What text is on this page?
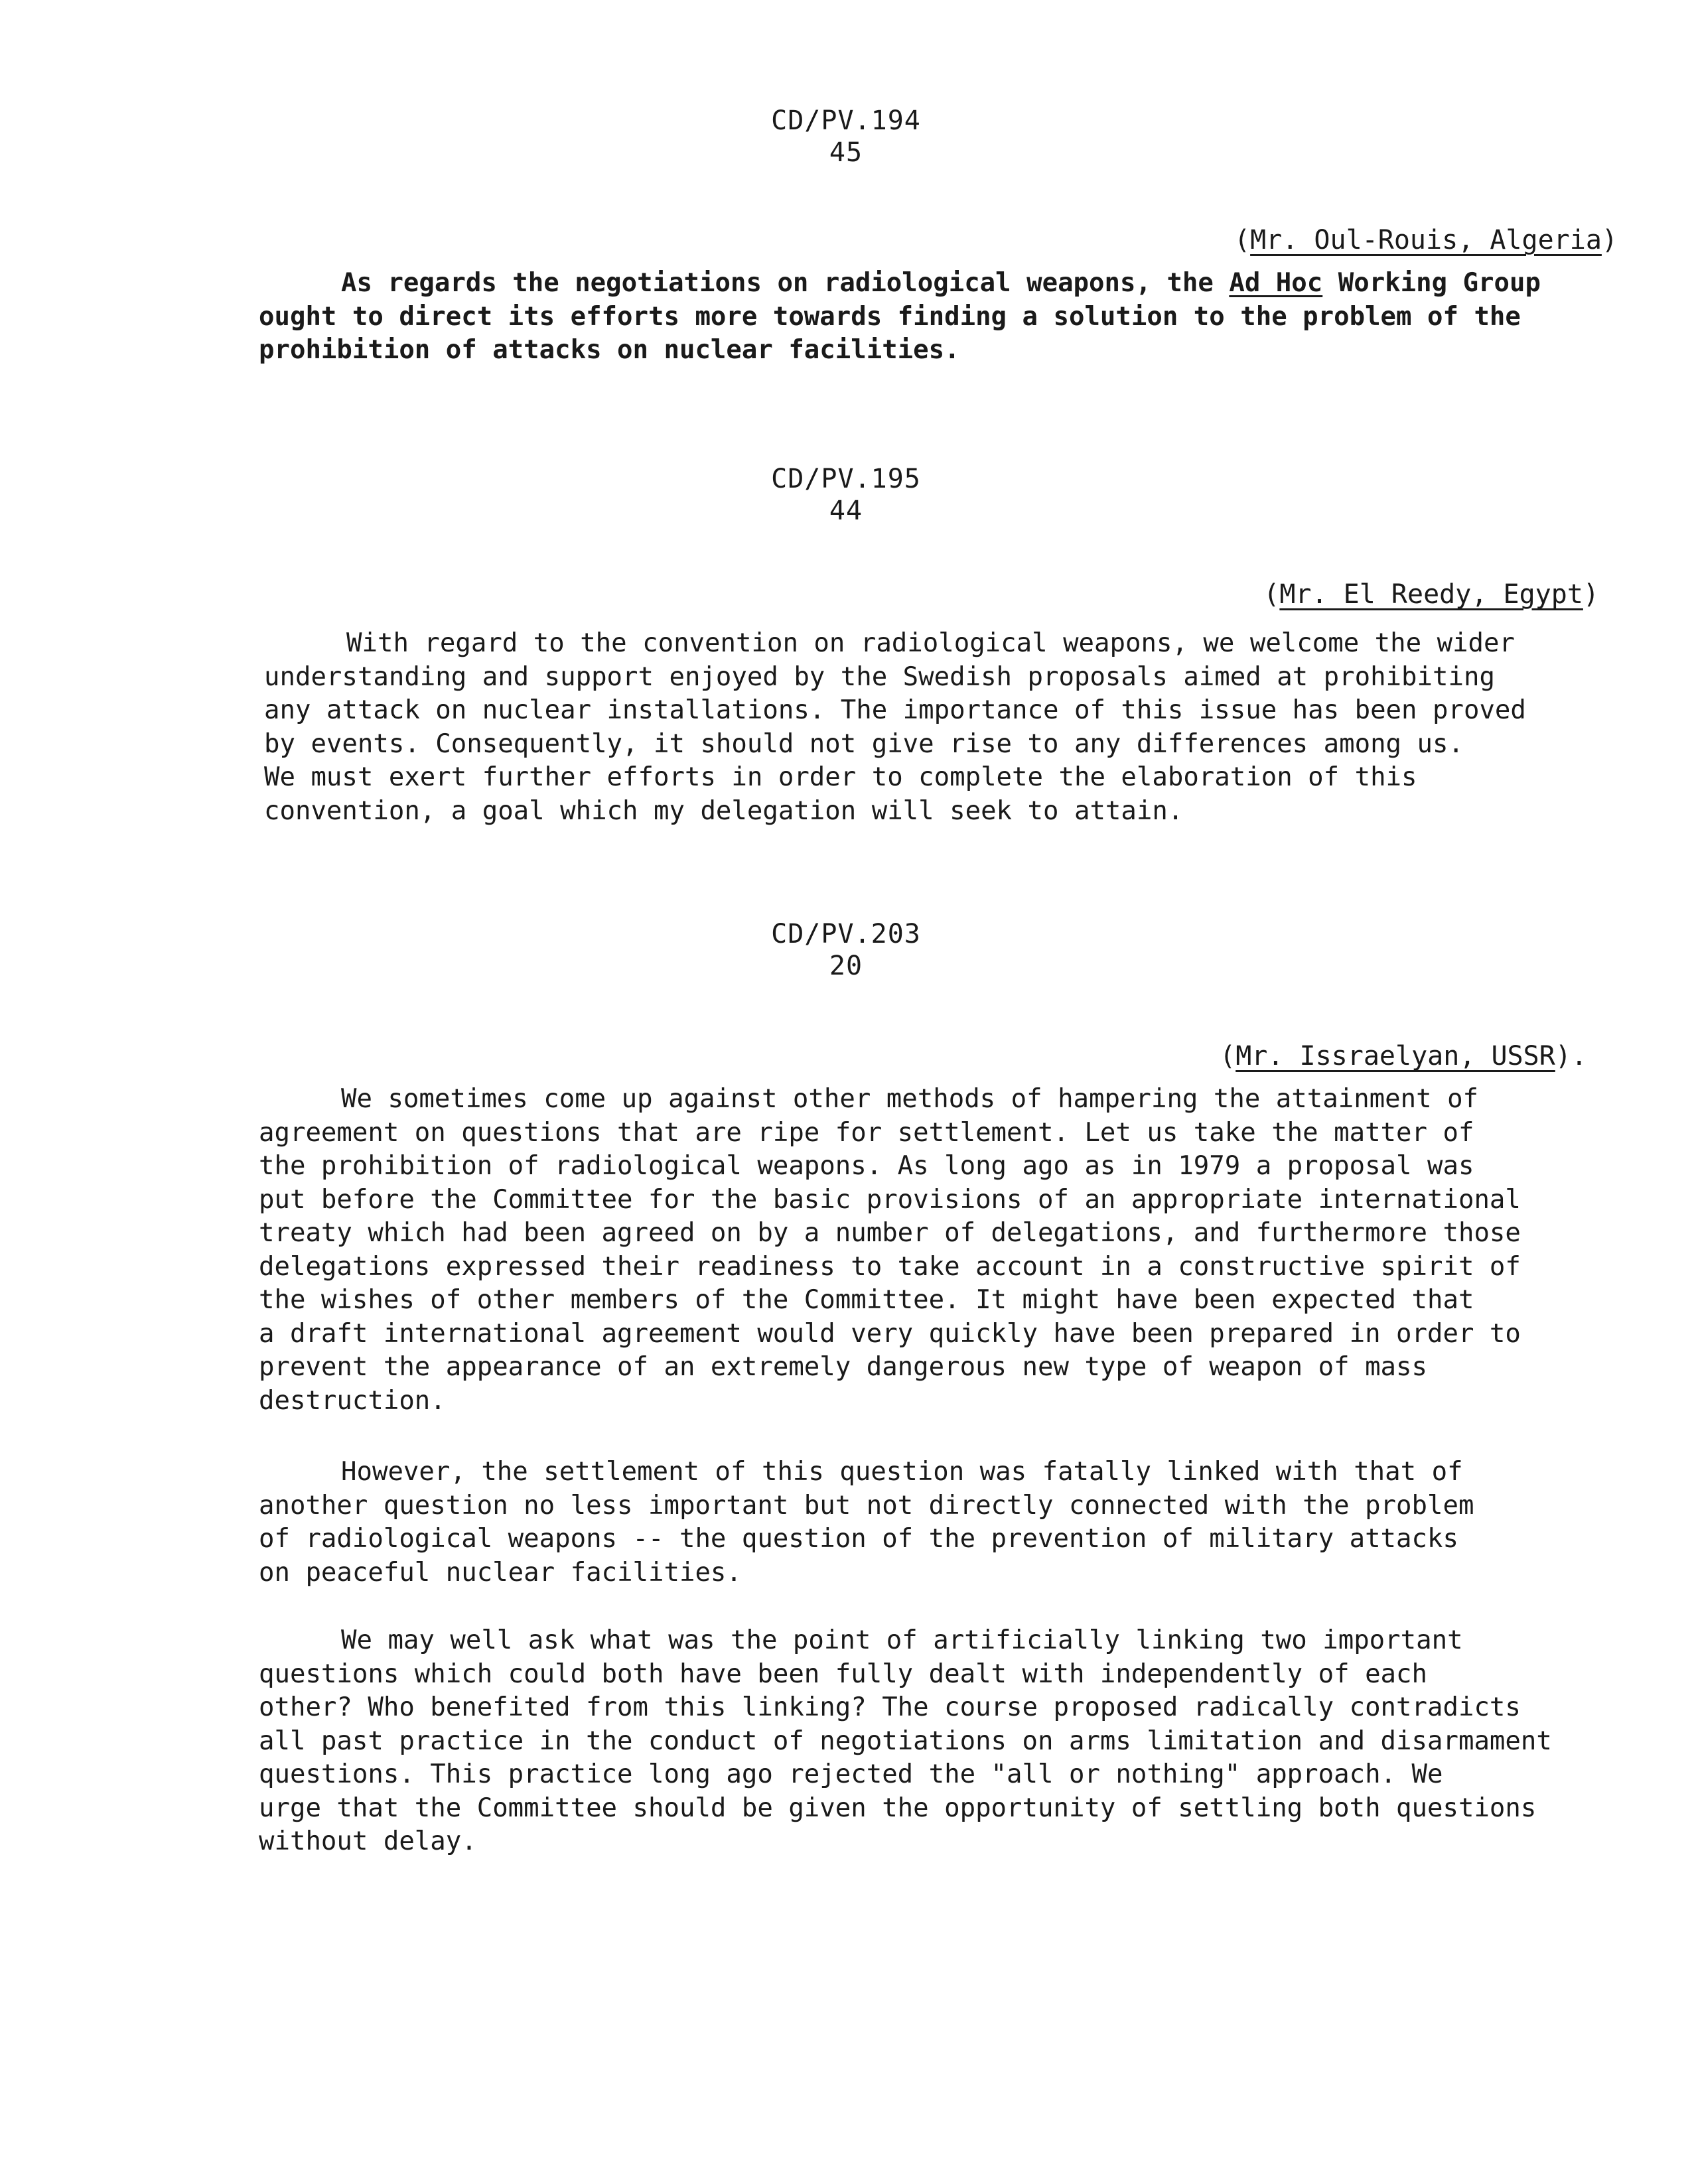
CD/PV.194
45
(Mr. Oul-Rouis, Algeria)

As regards the negotiations on radiological weapons, the Ad Hoc Working Group
ought to direct its efforts more towards finding a solution to the problem of the
prohibition of attacks on nuclear facilities.

CD/PV.195
44
(Mr. El Reedy, Egypt)

With regard to the convention on radiological weapons, we welcome the wider
understanding and support enjoyed by the Swedish proposals aimed at prohibiting
any attack on nuclear installations. The importance of this issue has been proved
by events. Consequently, it should not give rise to any differences among us.
We must exert further efforts in order to complete the elaboration of this
convention, a goal which my delegation will seek to attain.

CD/PV.203
20
(Mr. Issraelyan, USSR).

We sometimes come up against other methods of hampering the attainment of
agreement on questions that are ripe for settlement. Let us take the matter of
the prohibition of radiological weapons. As long ago as in 1979 a proposal was
put before the Committee for the basic provisions of an appropriate international
treaty which had been agreed on by a number of delegations, and furthermore those
delegations expressed their readiness to take account in a constructive spirit of
the wishes of other members of the Committee. It might have been expected that
a draft international agreement would very quickly have been prepared in order to
prevent the appearance of an extremely dangerous new type of weapon of mass
destruction.

However, the settlement of this question was fatally linked with that of
another question no less important but not directly connected with the problem
of radiological weapons -- the question of the prevention of military attacks
on peaceful nuclear facilities.

We may well ask what was the point of artificially linking two important
questions which could both have been fully dealt with independently of each
other? Who benefited from this linking? The course proposed radically contradicts
all past practice in the conduct of negotiations on arms limitation and disarmament
questions. This practice long ago rejected the "all or nothing" approach. We
urge that the Committee should be given the opportunity of settling both questions
without delay.
